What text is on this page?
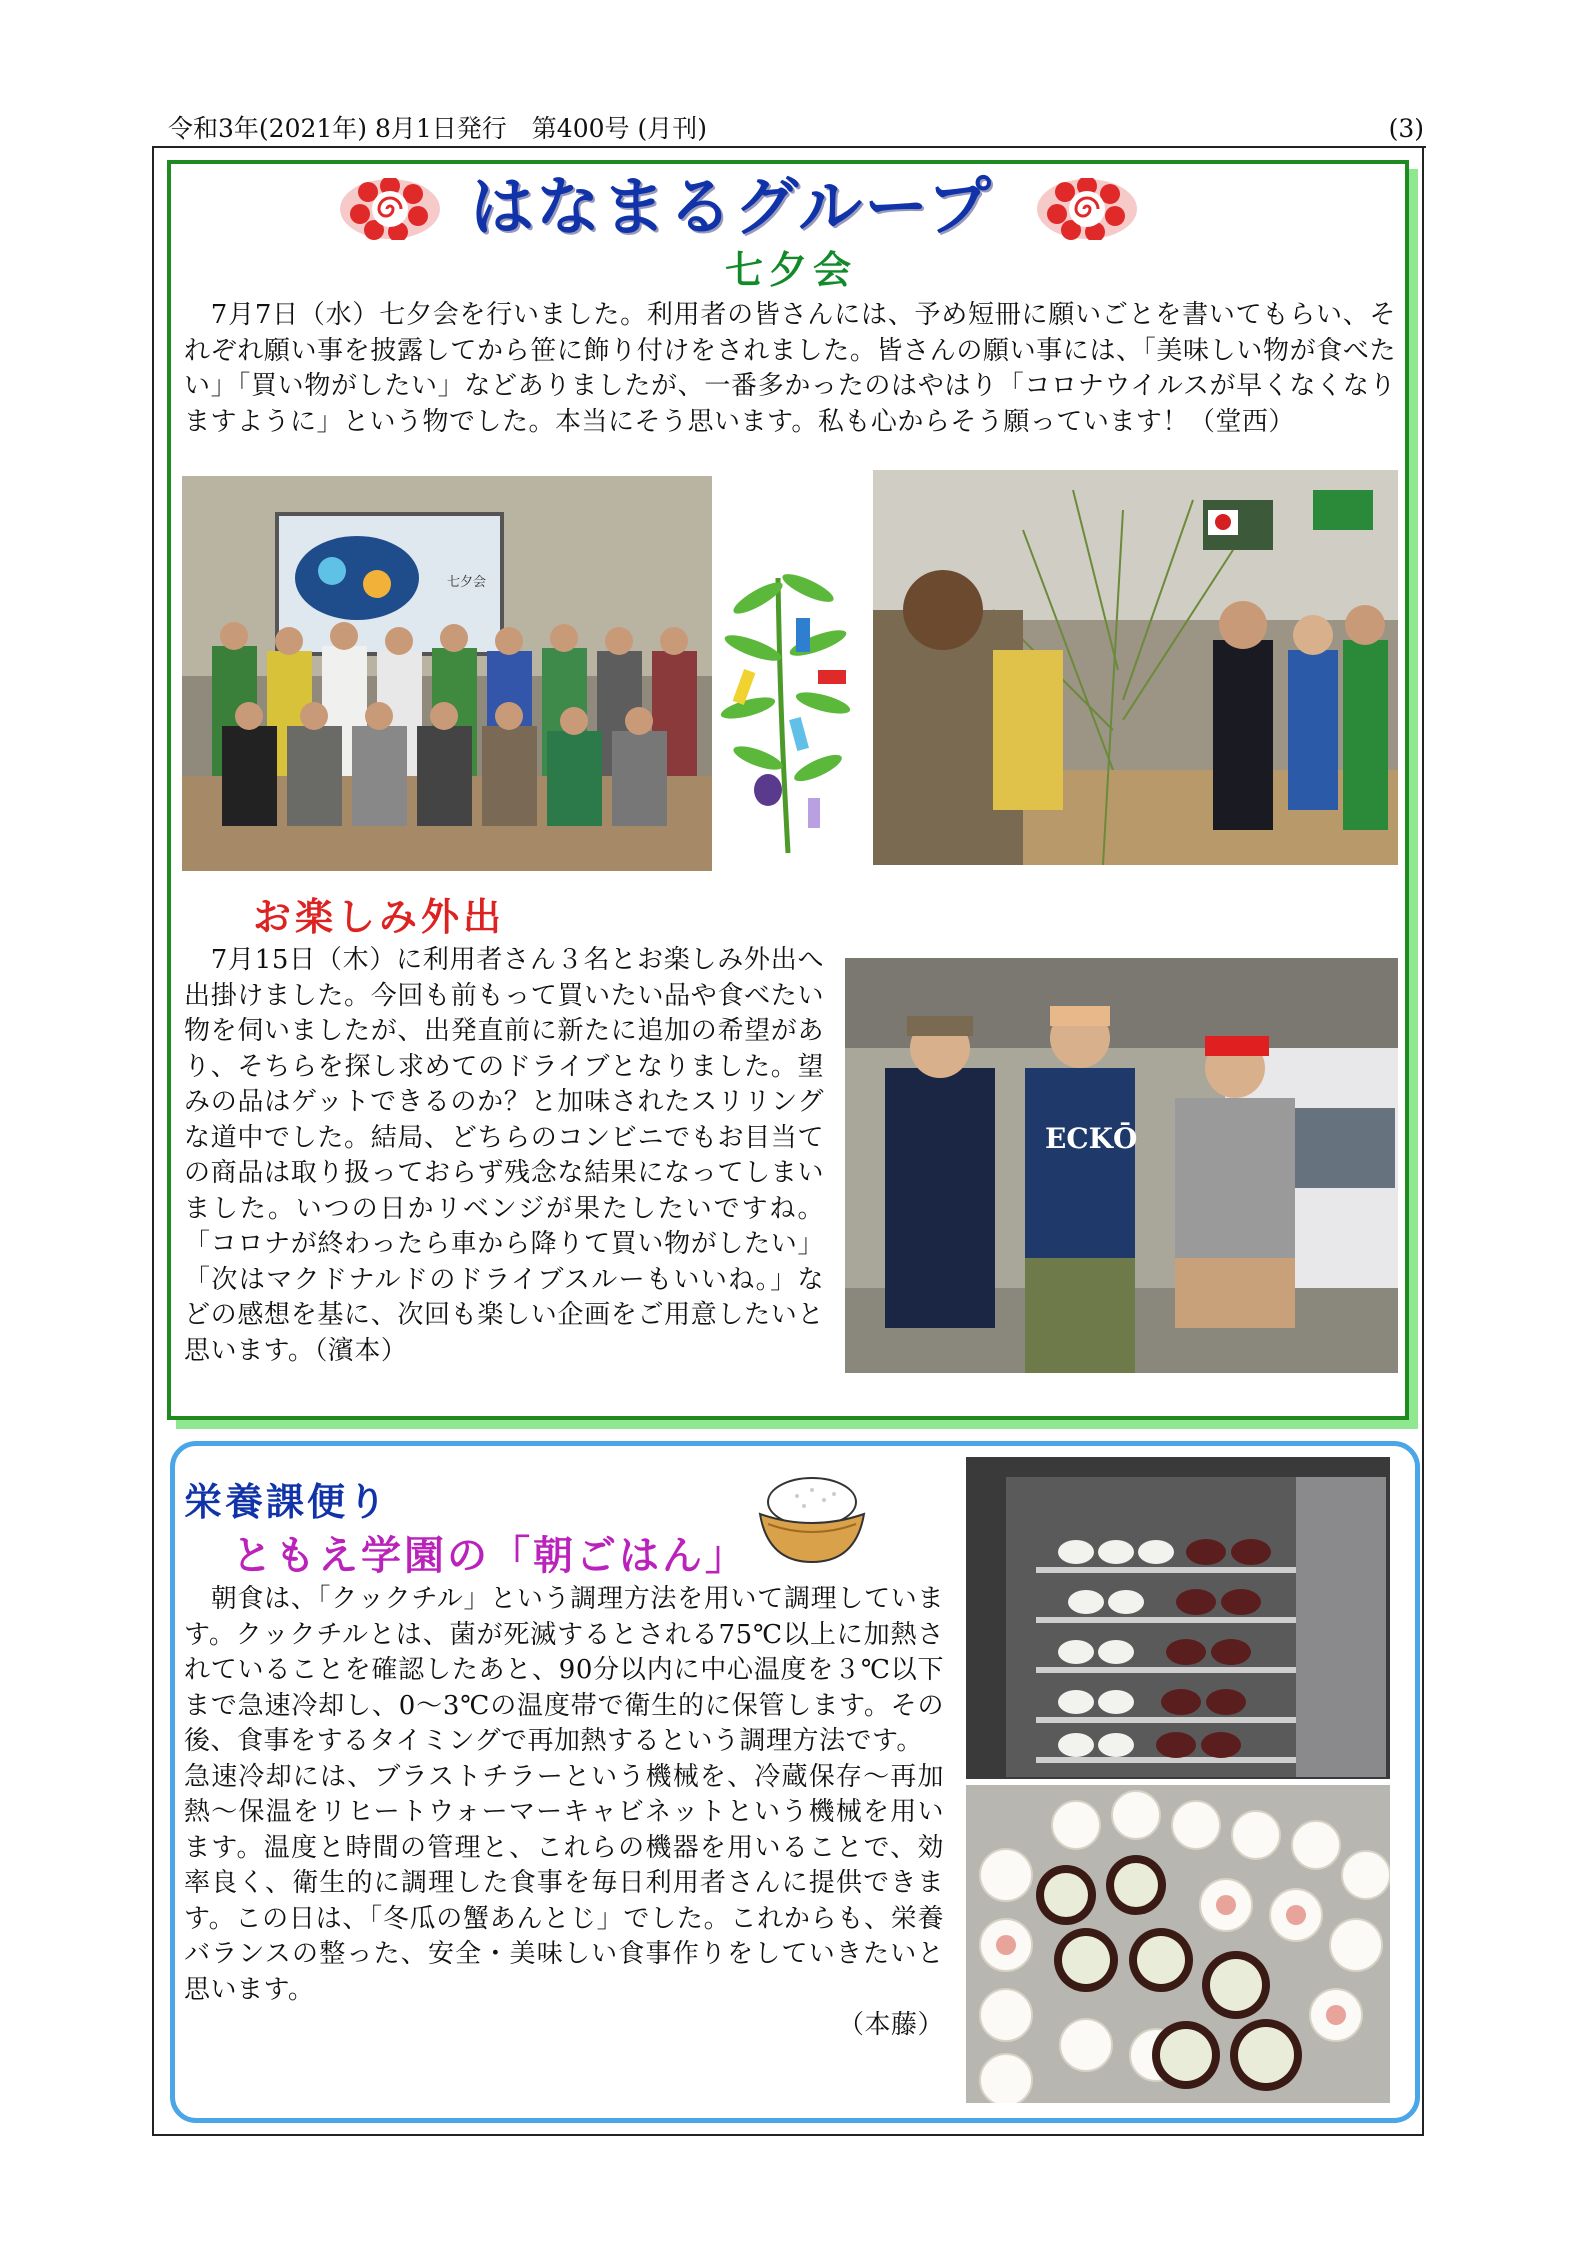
令和3年(2021年) 8月1日発行　第400号 (月刊)	(3)
はなまるグループ
七夕会
　7月7日（水）七夕会を行いました。利用者の皆さんには、予め短冊に願いごとを書いてもらい、それぞれ願い事を披露してから笹に飾り付けをされました。皆さんの願い事には、「美味しい物が食べたい」「買い物がしたい」などありましたが、一番多かったのはやはり「コロナウイルスが早くなくなりますように」という物でした。本当にそう思います。私も心からそう願っています！（堂西）
七夕会
お楽しみ外出
　7月15日（木）に利用者さん３名とお楽しみ外出へ出掛けました。今回も前もって買いたい品や食べたい物を伺いましたが、出発直前に新たに追加の希望があり、そちらを探し求めてのドライブとなりました。望みの品はゲットできるのか？と加味されたスリリングな道中でした。結局、どちらのコンビニでもお目当ての商品は取り扱っておらず残念な結果になってしまいました。いつの日かリベンジが果たしたいですね。「コロナが終わったら車から降りて買い物がしたい」「次はマクドナルドのドライブスルーもいいね。」などの感想を基に、次回も楽しい企画をご用意したいと思います。（濱本）
ECKŌ
栄養課便り
ともえ学園の「朝ごはん」
　朝食は、「クックチル」という調理方法を用いて調理しています。クックチルとは、菌が死滅するとされる75℃以上に加熱されていることを確認したあと、90分以内に中心温度を３℃以下まで急速冷却し、0〜3℃の温度帯で衛生的に保管します。その後、食事をするタイミングで再加熱するという調理方法です。
急速冷却には、ブラストチラーという機械を、冷蔵保存〜再加熱〜保温をリヒートウォーマーキャビネットという機械を用います。温度と時間の管理と、これらの機器を用いることで、効率良く、衛生的に調理した食事を毎日利用者さんに提供できます。この日は、「冬瓜の蟹あんとじ」でした。これからも、栄養バランスの整った、安全・美味しい食事作りをしていきたいと思います。
（本藤）
